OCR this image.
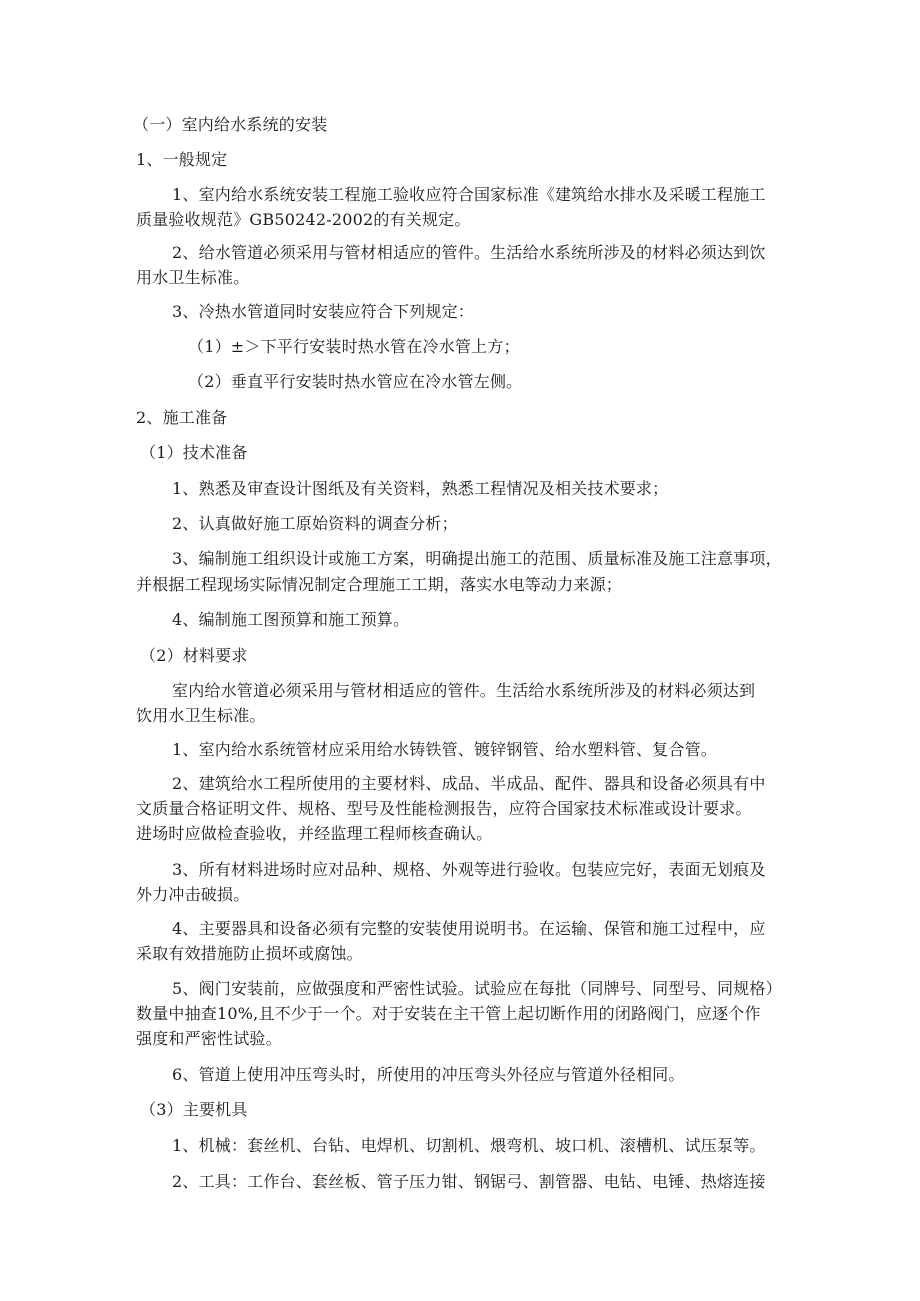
（一）室内给水系统的安装
1、一般规定
1、室内给水系统安装工程施工验收应符合国家标准《建筑给水排水及采暖工程施工
质量验收规范》GB50242-2002的有关规定。
2、给水管道必须采用与管材相适应的管件。生活给水系统所涉及的材料必须达到饮
用水卫生标准。
3、冷热水管道同时安装应符合下列规定：
（1）±＞下平行安装时热水管在冷水管上方；
（2）垂直平行安装时热水管应在冷水管左侧。
2、施工准备
（1）技术准备
1、熟悉及审查设计图纸及有关资料，熟悉工程情况及相关技术要求；
2、认真做好施工原始资料的调查分析；
3、编制施工组织设计或施工方案，明确提出施工的范围、质量标准及施工注意事项，
并根据工程现场实际情况制定合理施工工期，落实水电等动力来源；
4、编制施工图预算和施工预算。
（2）材料要求
室内给水管道必须采用与管材相适应的管件。生活给水系统所涉及的材料必须达到
饮用水卫生标准。
1、室内给水系统管材应采用给水铸铁管、镀锌钢管、给水塑料管、复合管。
2、建筑给水工程所使用的主要材料、成品、半成品、配件、器具和设备必须具有中
文质量合格证明文件、规格、型号及性能检测报告，应符合国家技术标准或设计要求。
进场时应做检查验收，并经监理工程师核查确认。
3、所有材料进场时应对品种、规格、外观等进行验收。包装应完好，表面无划痕及
外力冲击破损。
4、主要器具和设备必须有完整的安装使用说明书。在运输、保管和施工过程中，应
采取有效措施防止损坏或腐蚀。
5、阀门安装前，应做强度和严密性试验。试验应在每批（同牌号、同型号、同规格）
数量中抽查10%,且不少于一个。对于安装在主干管上起切断作用的闭路阀门，应逐个作
强度和严密性试验。
6、管道上使用冲压弯头时，所使用的冲压弯头外径应与管道外径相同。
（3）主要机具
1、机械：套丝机、台钻、电焊机、切割机、煨弯机、坡口机、滚槽机、试压泵等。
2、工具：工作台、套丝板、管子压力钳、钢锯弓、割管器、电钻、电锤、热熔连接
